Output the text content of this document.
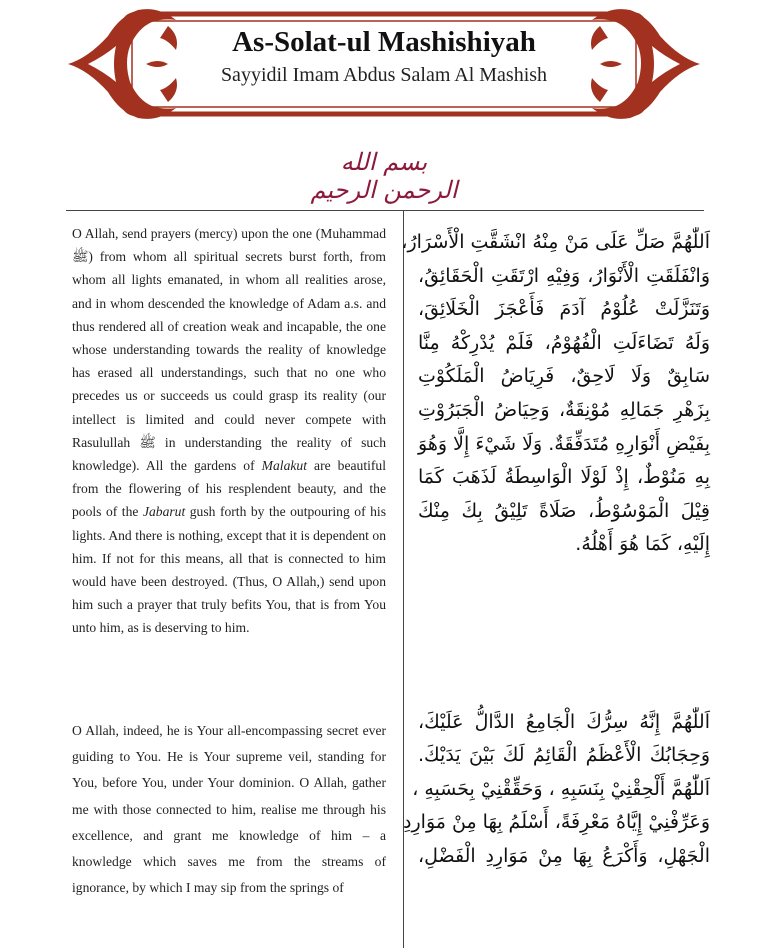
As-Solat-ul Mashishiyah
Sayyidil Imam Abdus Salam Al Mashish
بسم الله الرحمن الرحيم
O Allah, send prayers (mercy) upon the one (Muhammad ﷺ) from whom all spiritual secrets burst forth, from whom all lights emanated, in whom all realities arose, and in whom descended the knowledge of Adam a.s. and thus rendered all of creation weak and incapable, the one whose understanding towards the reality of knowledge has erased all understandings, such that no one who precedes us or succeeds us could grasp its reality (our intellect is limited and could never compete with Rasulullah ﷺ in understanding the reality of such knowledge). All the gardens of Malakut are beautiful from the flowering of his resplendent beauty, and the pools of the Jabarut gush forth by the outpouring of his lights. And there is nothing, except that it is dependent on him. If not for this means, all that is connected to him would have been destroyed. (Thus, O Allah,) send upon him such a prayer that truly befits You, that is from You unto him, as is deserving to him.
O Allah, indeed, he is Your all-encompassing secret ever guiding to You. He is Your supreme veil, standing for You, before You, under Your dominion. O Allah, gather me with those connected to him, realise me through his excellence, and grant me knowledge of him – a knowledge which saves me from the streams of ignorance, by which I may sip from the springs of
اَللّٰهُمَّ صَلِّ عَلَى مَنْ مِنْهُ انْشَقَّتِ الْأَسْرَارُ،
وَانْفَلَقَتِ الْأَنْوَارُ، وَفِيْهِ ارْتَقَتِ الْحَقَائِقُ،
وَتَنَزَّلَتْ عُلُوْمُ آدَمَ فَأَعْجَزَ الْخَلَائِقَ،
وَلَهُ تَضَاءَلَتِ الْفُهُوْمُ، فَلَمْ يُدْرِكْهُ مِنَّا
سَابِقٌ وَلَا لَاحِقٌ، فَرِيَاضُ الْمَلَكُوْتِ
بِزَهْرِ جَمَالِهِ مُوْنِقَةٌ، وَحِيَاضُ الْجَبَرُوْتِ
بِفَيْضِ أَنْوَارِهِ مُتَدَفِّقَةٌ. وَلَا شَيْءَ إِلَّا وَهُوَ
بِهِ مَنُوْطٌ، إِذْ لَوْلَا الْوَاسِطَةُ لَذَهَبَ كَمَا
قِيْلَ الْمَوْسُوْطُ، صَلَاةً تَلِيْقُ بِكَ مِنْكَ
إِلَيْهِ، كَمَا هُوَ أَهْلُهُ.
اَللّٰهُمَّ إِنَّهُ سِرُّكَ الْجَامِعُ الدَّالُّ عَلَيْكَ،
وَحِجَابُكَ الْأَعْظَمُ الْقَائِمُ لَكَ بَيْنَ يَدَيْكَ.
اَللّٰهُمَّ أَلْحِقْنِيْ بِنَسَبِهِ ، وَحَقِّقْنِيْ بِحَسَبِهِ ،
وَعَرِّفْنِيْ إِيَّاهُ مَعْرِفَةً، أَسْلَمُ بِهَا مِنْ مَوَارِدِ
الْجَهْلِ، وَأَكْرَعُ بِهَا مِنْ مَوَارِدِ الْفَضْلِ،
